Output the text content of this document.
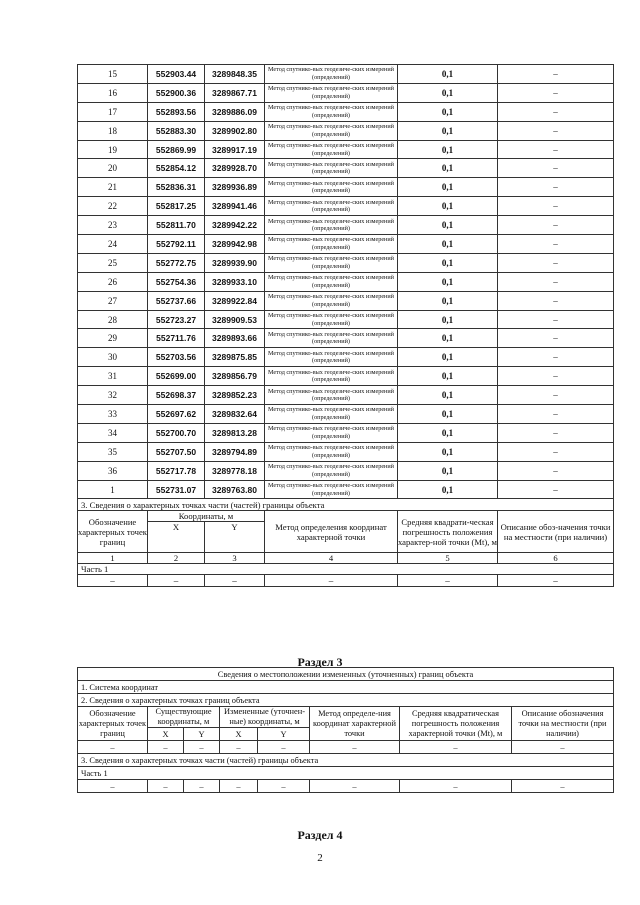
15	552903.44	3289848.35	Метод спутнико-вых геодезиче-ских измерений (определений)	0,1	–
16	552900.36	3289867.71	Метод спутнико-вых геодезиче-ских измерений (определений)	0,1	–
17	552893.56	3289886.09	Метод спутнико-вых геодезиче-ских измерений (определений)	0,1	–
18	552883.30	3289902.80	Метод спутнико-вых геодезиче-ских измерений (определений)	0,1	–
19	552869.99	3289917.19	Метод спутнико-вых геодезиче-ских измерений (определений)	0,1	–
20	552854.12	3289928.70	Метод спутнико-вых геодезиче-ских измерений (определений)	0,1	–
21	552836.31	3289936.89	Метод спутнико-вых геодезиче-ских измерений (определений)	0,1	–
22	552817.25	3289941.46	Метод спутнико-вых геодезиче-ских измерений (определений)	0,1	–
23	552811.70	3289942.22	Метод спутнико-вых геодезиче-ских измерений (определений)	0,1	–
24	552792.11	3289942.98	Метод спутнико-вых геодезиче-ских измерений (определений)	0,1	–
25	552772.75	3289939.90	Метод спутнико-вых геодезиче-ских измерений (определений)	0,1	–
26	552754.36	3289933.10	Метод спутнико-вых геодезиче-ских измерений (определений)	0,1	–
27	552737.66	3289922.84	Метод спутнико-вых геодезиче-ских измерений (определений)	0,1	–
28	552723.27	3289909.53	Метод спутнико-вых геодезиче-ских измерений (определений)	0,1	–
29	552711.76	3289893.66	Метод спутнико-вых геодезиче-ских измерений (определений)	0,1	–
30	552703.56	3289875.85	Метод спутнико-вых геодезиче-ских измерений (определений)	0,1	–
31	552699.00	3289856.79	Метод спутнико-вых геодезиче-ских измерений (определений)	0,1	–
32	552698.37	3289852.23	Метод спутнико-вых геодезиче-ских измерений (определений)	0,1	–
33	552697.62	3289832.64	Метод спутнико-вых геодезиче-ских измерений (определений)	0,1	–
34	552700.70	3289813.28	Метод спутнико-вых геодезиче-ских измерений (определений)	0,1	–
35	552707.50	3289794.89	Метод спутнико-вых геодезиче-ских измерений (определений)	0,1	–
36	552717.78	3289778.18	Метод спутнико-вых геодезиче-ских измерений (определений)	0,1	–
1	552731.07	3289763.80	Метод спутнико-вых геодезиче-ских измерений (определений)	0,1	–
3. Сведения о характерных точках части (частей) границы объекта					
Обозначение характерных точек границ	Координаты, м		Метод определения координат характерной точки	Средняя квадрати-ческая погрешность положения характер-ной точки (Mt), м	Описание обоз-начения точки на местности (при наличии)
	X	Y			
1	2	3	4	5	6
Часть 1					
–	–	–	–	–	–
Раздел 3
Сведения о местоположении измененных (уточненных) границ объекта							
1. Система координат							
2. Сведения о характерных точках границ объекта							
Обозначение характерных точек границ	Существующие координаты, м		Измененные (уточнен-ные) координаты, м		Метод определе-ния координат характерной точки	Средняя квадратическая погрешность положения характерной точки (Mt), м	Описание обозначения точки на местности (при наличии)
	X	Y	X	Y			
–	–	–	–	–	–	–	–
3. Сведения о характерных точках части (частей) границы объекта							
Часть 1							
–	–	–	–	–	–	–	–
Раздел 4
2
